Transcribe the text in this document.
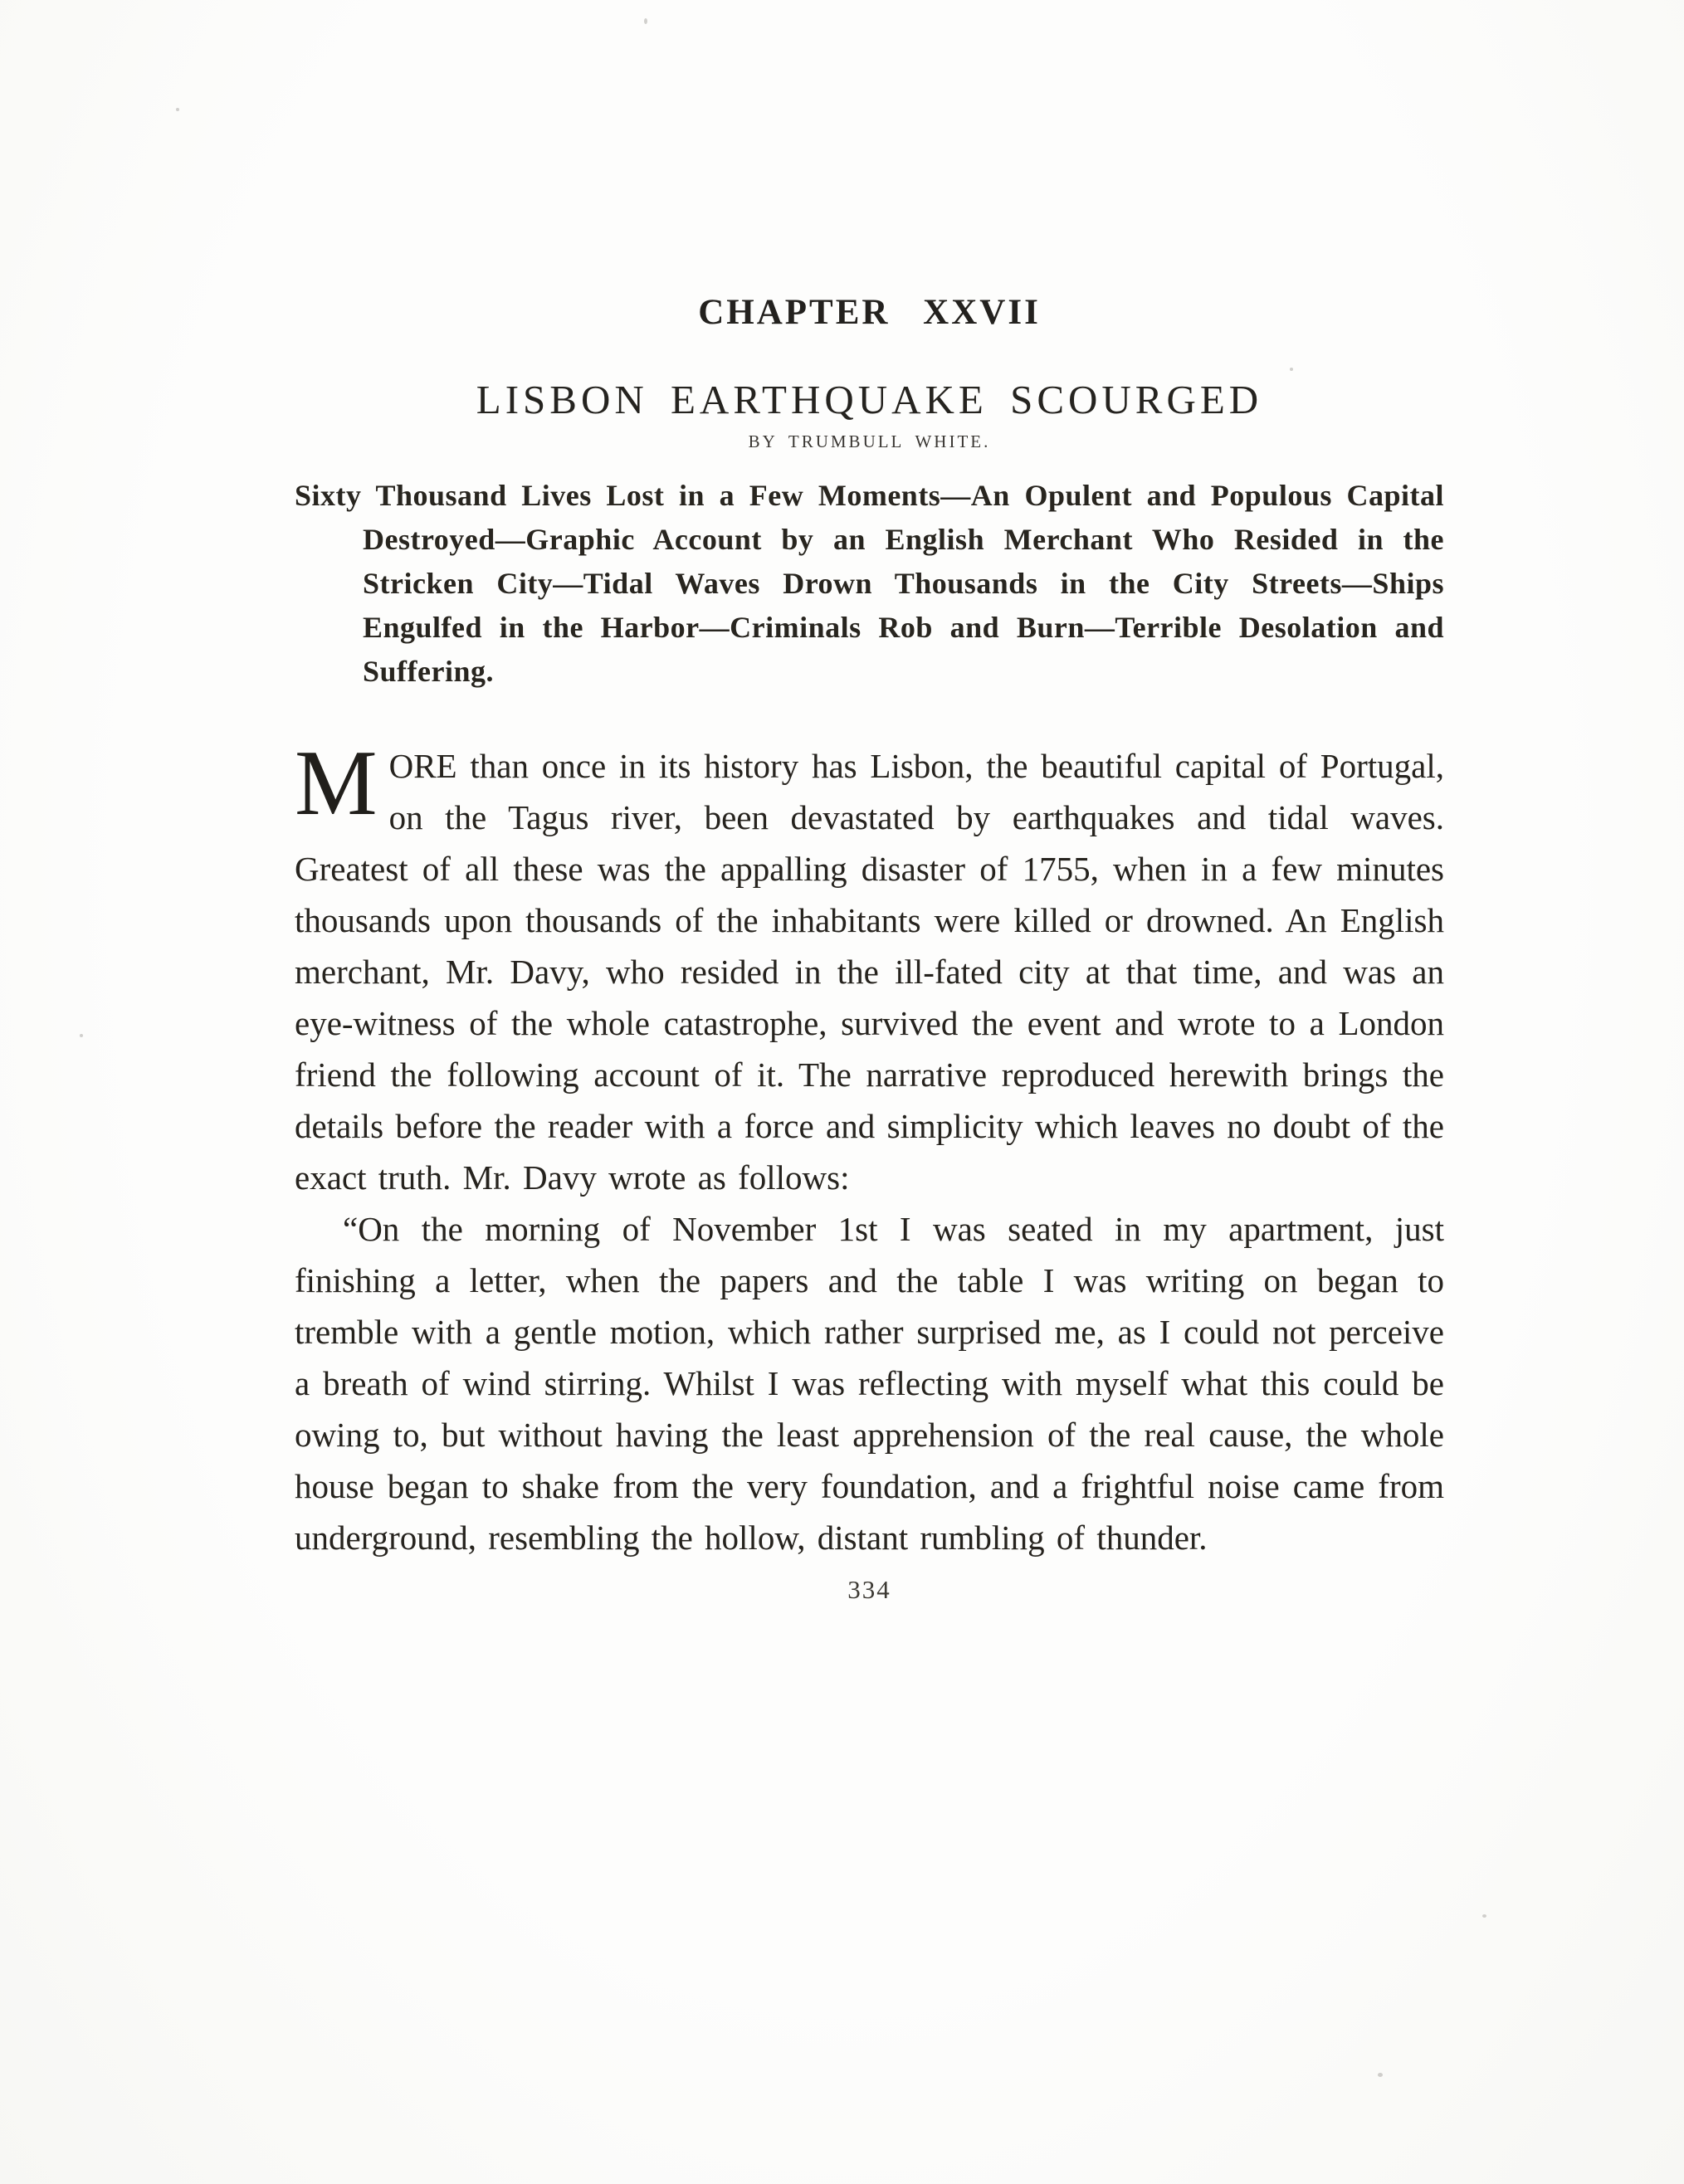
CHAPTER XXVII
LISBON EARTHQUAKE SCOURGED
BY TRUMBULL WHITE.

Sixty Thousand Lives Lost in a Few Moments—An Opulent and Populous Capital Destroyed—Graphic Account by an English Merchant Who Resided in the Stricken City—Tidal Waves Drown Thousands in the City Streets—Ships Engulfed in the Harbor—Criminals Rob and Burn—Terrible Desolation and Suffering.

MORE than once in its history has Lisbon, the beautiful capital of Portugal, on the Tagus river, been devastated by earthquakes and tidal waves. Greatest of all these was the appalling disaster of 1755, when in a few minutes thousands upon thousands of the inhabitants were killed or drowned. An English merchant, Mr. Davy, who resided in the ill-fated city at that time, and was an eye-witness of the whole catastrophe, survived the event and wrote to a London friend the following account of it. The narrative reproduced herewith brings the details before the reader with a force and simplicity which leaves no doubt of the exact truth. Mr. Davy wrote as follows:

“On the morning of November 1st I was seated in my apartment, just finishing a letter, when the papers and the table I was writing on began to tremble with a gentle motion, which rather surprised me, as I could not perceive a breath of wind stirring. Whilst I was reflecting with myself what this could be owing to, but without having the least apprehension of the real cause, the whole house began to shake from the very foundation, and a frightful noise came from underground, resembling the hollow, distant rumbling of thunder.

334
